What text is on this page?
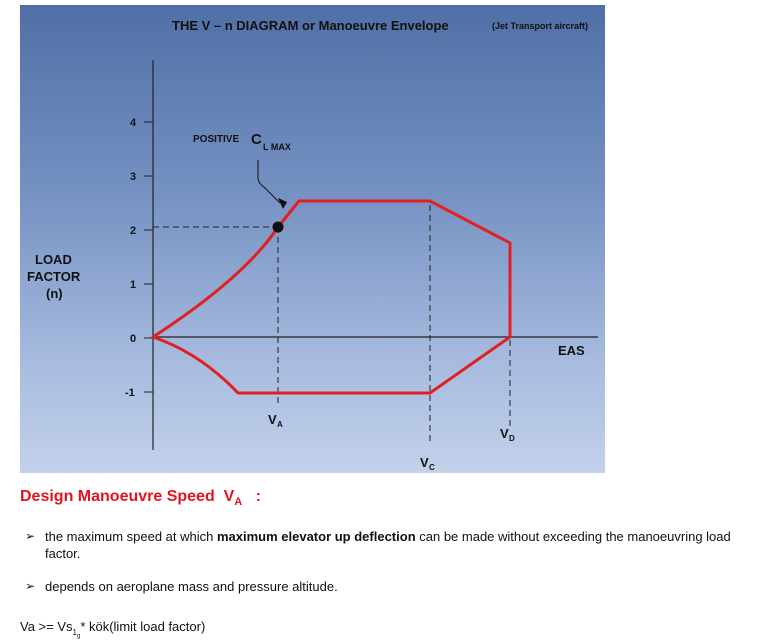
THE V – n DIAGRAM or Manoeuvre Envelope	(Jet Transport aircraft)
4
3
2
1
0
-1
LOAD
FACTOR
(n)
EAS
POSITIVE C L MAX
V A
V C
V D
Design Manoeuvre Speed $V_A$ :
➢ the maximum speed at which maximum elevator up deflection can be made without exceeding the manoeuvring load factor.
➢ depends on aeroplane mass and pressure altitude.
$Va >= Vs_{1_g}*$ kök(limit load factor)
